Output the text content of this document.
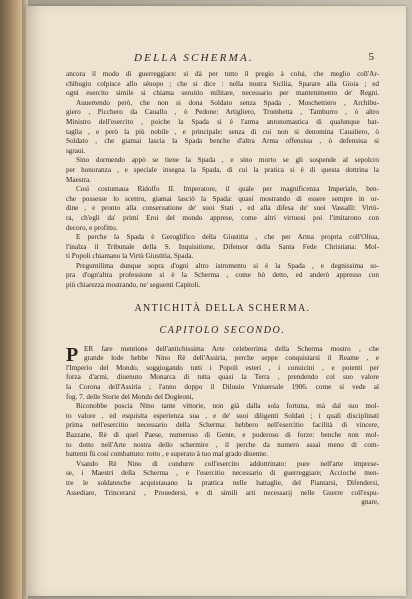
DELLA SCHERMA.	5
ancora il modo di guerreggiare: si dà per tutto il pregio à colui, che meglio coll'Ar-
chibugio colpisce allo sèuopo ; che si dice : nella nostra Sicilia, Sparare alla Gioia ; ed
ogni esercito simile si chiama seruitio militare, necessario per mantenimento de' Regni.
Auuertendo però, che non si dona Soldato senza Spada , Moschettiero , Archibu-
giero , Picchero da Cauallo , ò Pedone: Artigliero, Trombetta , Tamburro , ò altro
Ministro dell'esercito , poiche la Spada si è l'arma antonomastica di qualunque bat-
taglia , e però la più nobile , e principale: senza di cui non si denomina Caualiero, ò
Soldato , che giamai lascia la Spada benche d'altra Arma offensiua , ò defensiua si
sgraui.
Sino dormendo appò se tiene la Spada , e sino morto se gli sospende al sepolcro
per honoranza , e speciale insegna la Spada, di cui la pratica si è di questa dottrina la
Maestra.
Così costumaua Ridolfo II. Imperatore, il quale per magnificenza Imperiale, ben-
che possesse lo scettro, giamai lasciò la Spada: quasi mostrando di essere sempre in or-
dine , e pronto alla conseruatione de' suoi Stati , ed alla difesa de' suoi Vassalli: Virtù-
ra, ch'egli da' primi Eroi del mondo apprese, come altri virtuosi poi l'imitarono con
decoro, e profitto.
E perche la Spada è Geroglifico della Giustitia , che per Arma propria coll'Oliua,
l'inalza il Tribunale della S. Inquisitione, Difensor della Santa Fede Christiana: Mol-
ti Popoli chiamano la Virtù Giustitia, Spada.
Preguntilima dunque sopra d'ogni altro istromento si è la Spada , e degnissima so-
pra d'ogn'altra professione si è la Scherma , come hò detto, ed anderò appresso con
più chiarezza mostrando, ne' seguenti Capitoli.
ANTICHITÀ DELLA SCHERMA.
CAPITOLO SECONDO.
P ER fare mentione dell'antichissima Arte celeberrima della Scherma mostro , che
grande lode hebbe Nino Rè dell'Assiria, perche seppe conquistarsi il Reame , e
l'Imperio del Mondo, soggiogando tutti i Popoli esteri , i conuicini , e potenti per
forza d'armi, diuenuto Monarca di tutta quasi la Terra , prendendo col suo valore
la Corona dell'Assiria ; l'anno doppo il Diluuio Vniuersale 1906. come si vede al
fog. 7. delle Storie del Mondo del Dogleoni,
Riconobbe poscia Nino tante vittorie, non già dalla sola fortuna, mà dal suo mol-
to valore , ed esquisita esperienza sua , e de' suoi diligenti Soldati ; i quali disciplinati
prima nell'esercitio necessario della Scherma: hebbero nell'esercitio facilità di vincere,
Bazzane, Rè di quel Paese, numeroso di Gente, e poderoso di forze: benche non mol-
to dotto nell'Arte nostra dello schermire , il perche da numero assai meno di com-
battenti fù così combattuto: rotto , e superato à tuo mal grado diuenne.
Vsando Rè Nino di condurre coll'esercito addottrinato: pure nell'arte imprese-
se, i Maestri della Scherma , e l'esercitio necessario di guerreggiare; Accioche men-
tre le soldatesche acquistauano la prattica nelle battaglie, del Piantarsi, Difendersi,
Assediare, Trincerarsi , Prouedersi, e di simili arti necessarij nelle Guerre coll'espu-
gnare,
